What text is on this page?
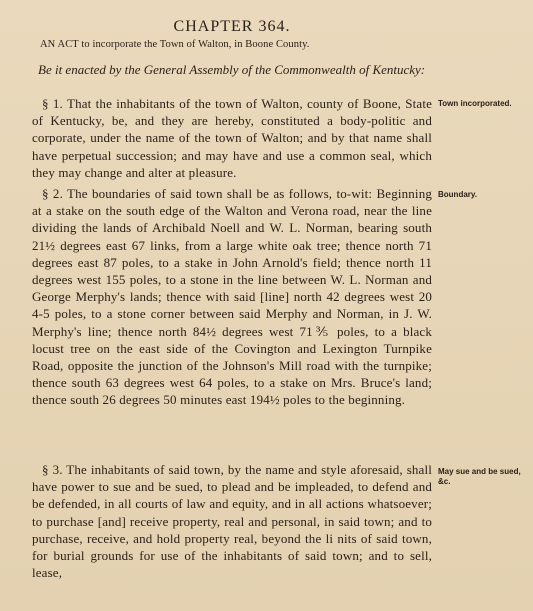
CHAPTER 364.
AN ACT to incorporate the Town of Walton, in Boone County.
Be it enacted by the General Assembly of the Commonwealth of Kentucky:
§ 1. That the inhabitants of the town of Walton, county of Boone, State of Kentucky, be, and they are hereby, constituted a body-politic and corporate, under the name of the town of Walton; and by that name shall have perpetual succession; and may have and use a common seal, which they may change and alter at pleasure.
Town incorporated.
§ 2. The boundaries of said town shall be as follows, to-wit: Beginning at a stake on the south edge of the Walton and Verona road, near the line dividing the lands of Archibald Noell and W. L. Norman, bearing south 21½ degrees east 67 links, from a large white oak tree; thence north 71 degrees east 87 poles, to a stake in John Arnold's field; thence north 11 degrees west 155 poles, to a stone in the line between W. L. Norman and George Merphy's lands; thence with said [line] north 42 degrees west 20 4-5 poles, to a stone corner between said Merphy and Norman, in J. W. Merphy's line; thence north 84½ degrees west 71⅗ poles, to a black locust tree on the east side of the Covington and Lexington Turnpike Road, opposite the junction of the Johnson's Mill road with the turnpike; thence south 63 degrees west 64 poles, to a stake on Mrs. Bruce's land; thence south 26 degrees 50 minutes east 194½ poles to the beginning.
Boundary.
§ 3. The inhabitants of said town, by the name and style aforesaid, shall have power to sue and be sued, to plead and be impleaded, to defend and be defended, in all courts of law and equity, and in all actions whatsoever; to purchase [and] receive property, real and personal, in said town; and to purchase, receive, and hold property real, beyond the li nits of said town, for burial grounds for use of the inhabitants of said town; and to sell, lease,
May sue and be sued, &c.
